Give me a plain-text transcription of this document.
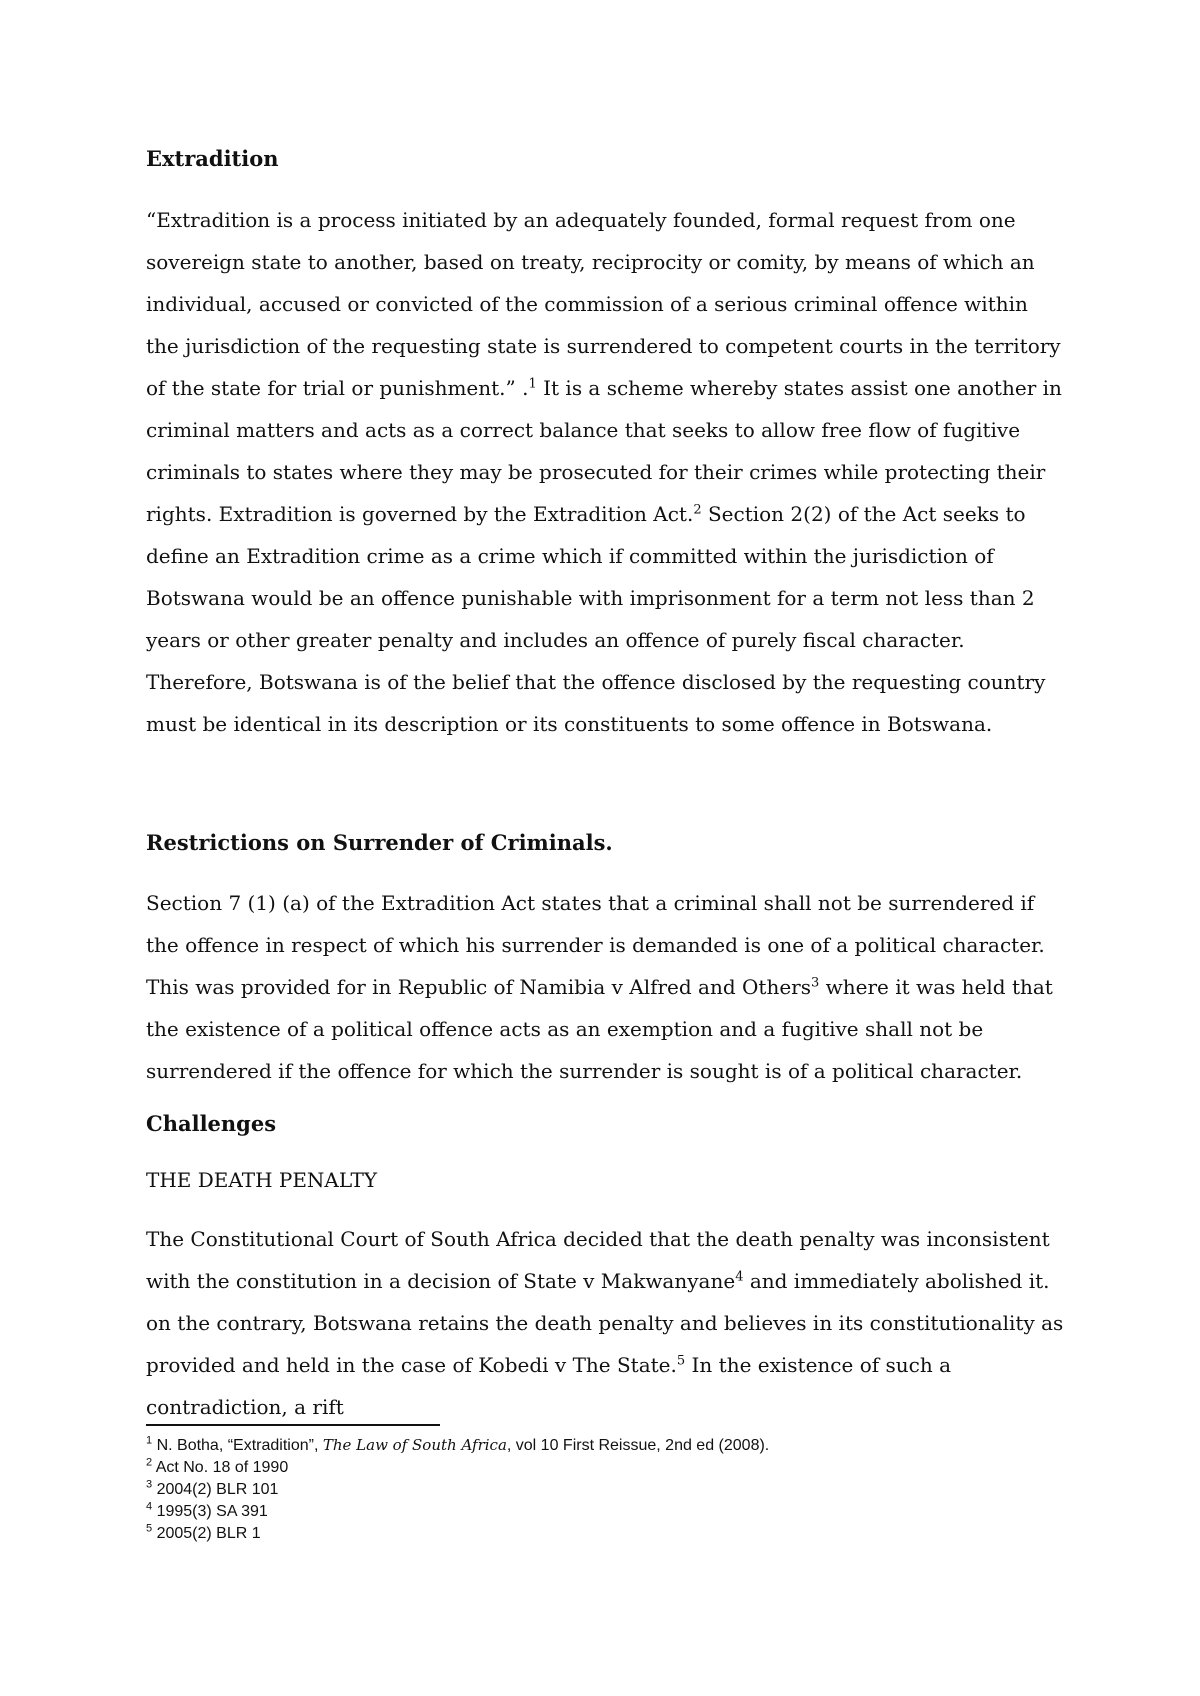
Extradition

“Extradition is a process initiated by an adequately founded, formal request from one sovereign state to another, based on treaty, reciprocity or comity, by means of which an individual, accused or convicted of the commission of a serious criminal offence within the jurisdiction of the requesting state is surrendered to competent courts in the territory of the state for trial or punishment.” .$^1$ It is a scheme whereby states assist one another in criminal matters and acts as a correct balance that seeks to allow free flow of fugitive criminals to states where they may be prosecuted for their crimes while protecting their rights. Extradition is governed by the Extradition Act.$^2$ Section 2(2) of the Act seeks to define an Extradition crime as a crime which if committed within the jurisdiction of Botswana would be an offence punishable with imprisonment for a term not less than 2 years or other greater penalty and includes an offence of purely fiscal character. Therefore, Botswana is of the belief that the offence disclosed by the requesting country must be identical in its description or its constituents to some offence in Botswana.

Restrictions on Surrender of Criminals.

Section 7 (1) (a) of the Extradition Act states that a criminal shall not be surrendered if the offence in respect of which his surrender is demanded is one of a political character. This was provided for in Republic of Namibia v Alfred and Others$^3$ where it was held that the existence of a political offence acts as an exemption and a fugitive shall not be surrendered if the offence for which the surrender is sought is of a political character.

Challenges
THE DEATH PENALTY

The Constitutional Court of South Africa decided that the death penalty was inconsistent with the constitution in a decision of State v Makwanyane$^4$ and immediately abolished it. on the contrary, Botswana retains the death penalty and believes in its constitutionality as provided and held in the case of Kobedi v The State.$^5$ In the existence of such a contradiction, a rift

$^1$ N. Botha, “Extradition”, The Law of South Africa, vol 10 First Reissue, 2nd ed (2008).
$^2$ Act No. 18 of 1990
$^3$ 2004(2) BLR 101
$^4$ 1995(3) SA 391
$^5$ 2005(2) BLR 1
